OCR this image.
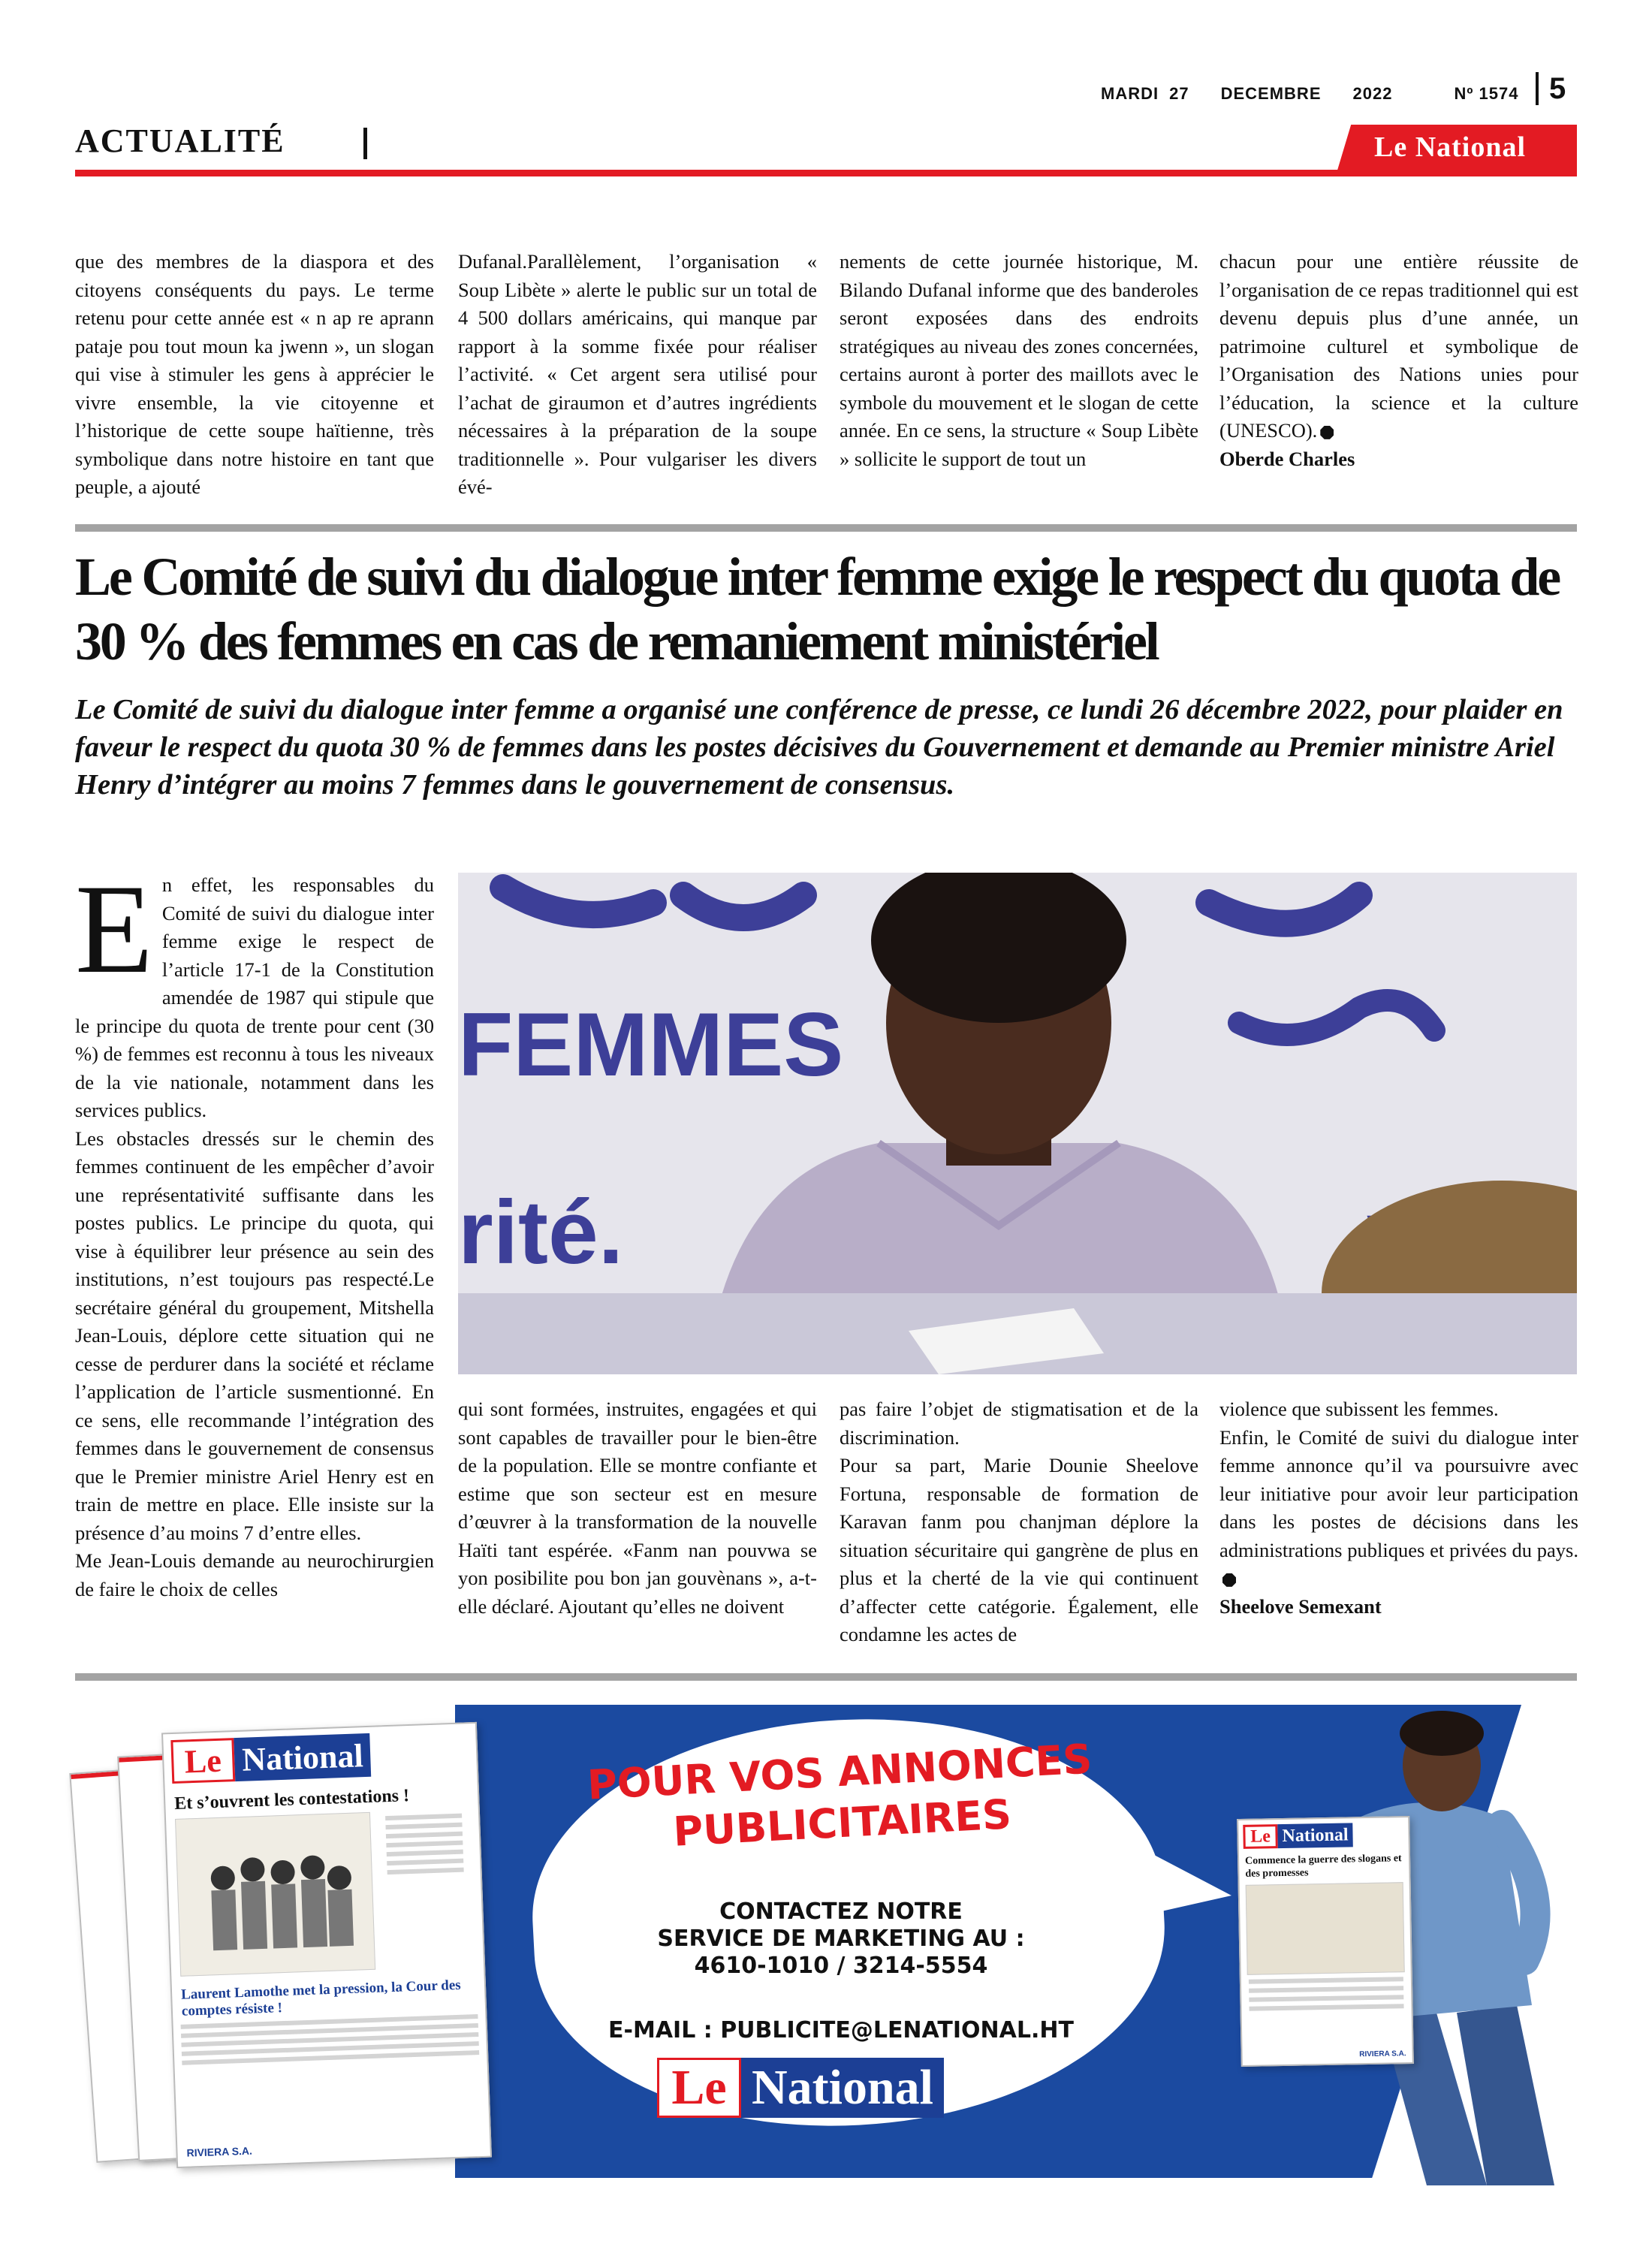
MARDI 27 DECEMBRE 2022	Nº 1574	5
ACTUALITÉ	Le National

que des membres de la diaspora et des citoyens conséquents du pays. Le terme retenu pour cette année est « n ap re aprann pataje pou tout moun ka jwenn », un slogan qui vise à stimuler les gens à apprécier le vivre ensemble, la vie citoyenne et l’historique de cette soupe haïtienne, très symbolique dans notre histoire en tant que peuple, a ajouté

Dufanal.Parallèlement, l’organisation « Soup Libète » alerte le public sur un total de 4 500 dollars américains, qui manque par rapport à la somme fixée pour réaliser l’activité. « Cet argent sera utilisé pour l’achat de giraumon et d’autres ingrédients nécessaires à la préparation de la soupe traditionnelle ». Pour vulgariser les divers évé-

nements de cette journée historique, M. Bilando Dufanal informe que des banderoles seront exposées dans des endroits stratégiques au niveau des zones concernées, certains auront à porter des maillots avec le symbole du mouvement et le slogan de cette année. En ce sens, la structure « Soup Libète » sollicite le support de tout un

chacun pour une entière réussite de l’organisation de ce repas traditionnel qui est devenu depuis plus d’une année, un patrimoine culturel et symbolique de l’Organisation des Nations unies pour l’éducation, la science et la culture (UNESCO).

Oberde Charles

Le Comité de suivi du dialogue inter femme exige le respect du quota de 30 % des femmes en cas de remaniement ministériel

Le Comité de suivi du dialogue inter femme a organisé une conférence de presse, ce lundi 26 décembre 2022, pour plaider en faveur le respect du quota 30 % de femmes dans les postes décisives du Gouvernement et demande au Premier ministre Ariel Henry d’intégrer au moins 7 femmes dans le gouvernement de consensus.

E n effet, les responsables du Comité de suivi du dialogue inter femme exige le respect de l’article 17-1 de la Constitution amendée de 1987 qui stipule que le principe du quota de trente pour cent (30 %) de femmes est reconnu à tous les niveaux de la vie nationale, notamment dans les services publics.

Les obstacles dressés sur le chemin des femmes continuent de les empêcher d’avoir une représentativité suffisante dans les postes publics. Le principe du quota, qui vise à équilibrer leur présence au sein des institutions, n’est toujours pas respecté.Le secrétaire général du groupement, Mitshella Jean-Louis, déplore cette situation qui ne cesse de perdurer dans la société et réclame l’application de l’article susmentionné. En ce sens, elle recommande l’intégration des femmes dans le gouvernement de consensus que le Premier ministre Ariel Henry est en train de mettre en place. Elle insiste sur la présence d’au moins 7 d’entre elles.

Me Jean-Louis demande au neurochirurgien de faire le choix de celles

FEMMES
rité.

qui sont formées, instruites, engagées et qui sont capables de travailler pour le bien-être de la population. Elle se montre confiante et estime que son secteur est en mesure d’œuvrer à la transformation de la nouvelle Haïti tant espérée. «Fanm nan pouvwa se yon posibilite pou bon jan gouvènans », a-t-elle déclaré. Ajoutant qu’elles ne doivent

pas faire l’objet de stigmatisation et de la discrimination.

Pour sa part, Marie Dounie Sheelove Fortuna, responsable de formation de Karavan fanm pou chanjman déplore la situation sécuritaire qui gangrène de plus en plus et la cherté de la vie qui continuent d’affecter cette catégorie. Également, elle condamne les actes de

violence que subissent les femmes.

Enfin, le Comité de suivi du dialogue inter femme annonce qu’il va poursuivre avec leur initiative pour avoir leur participation dans les postes de décisions dans les administrations publiques et privées du pays.

Sheelove Semexant

Le National
Et s’ouvrent les contestations !
Laurent Lamothe met la pression, la Cour des comptes résiste !
RIVIERA S.A.
POUR VOS ANNONCES PUBLICITAIRES
CONTACTEZ NOTRE
SERVICE DE MARKETING AU :
4610-1010 / 3214-5554
E-MAIL : PUBLICITE@LENATIONAL.HT
Le National
Le National
Commence la guerre des slogans et des promesses
RIVIERA S.A.
